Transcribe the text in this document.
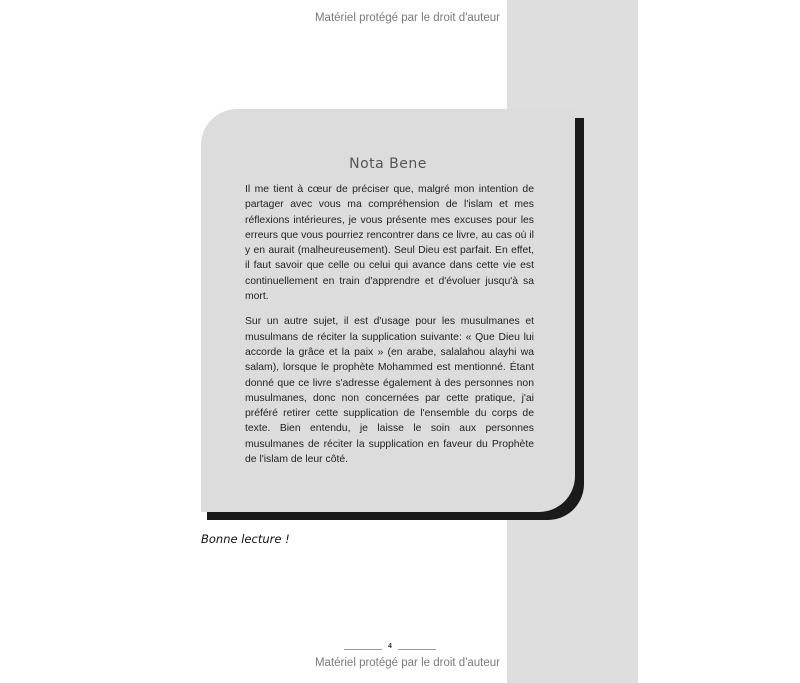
Matériel protégé par le droit d'auteur
Nota Bene

Il me tient à cœur de préciser que, malgré mon intention de partager avec vous ma compréhension de l'islam et mes réflexions intérieures, je vous présente mes excuses pour les erreurs que vous pourriez rencontrer dans ce livre, au cas où il y en aurait (malheureusement). Seul Dieu est parfait. En effet, il faut savoir que celle ou celui qui avance dans cette vie est continuellement en train d'apprendre et d'évoluer jusqu'à sa mort.

Sur un autre sujet, il est d'usage pour les musulmanes et musulmans de réciter la supplication suivante: « Que Dieu lui accorde la grâce et la paix » (en arabe, salalahou alayhi wa salam), lorsque le prophète Mohammed est mentionné. Étant donné que ce livre s'adresse également à des personnes non musulmanes, donc non concernées par cette pratique, j'ai préféré retirer cette supplication de l'ensemble du corps de texte. Bien entendu, je laisse le soin aux personnes musulmanes de réciter la supplication en faveur du Prophète de l'islam de leur côté.

Bonne lecture !
4
Matériel protégé par le droit d'auteur
